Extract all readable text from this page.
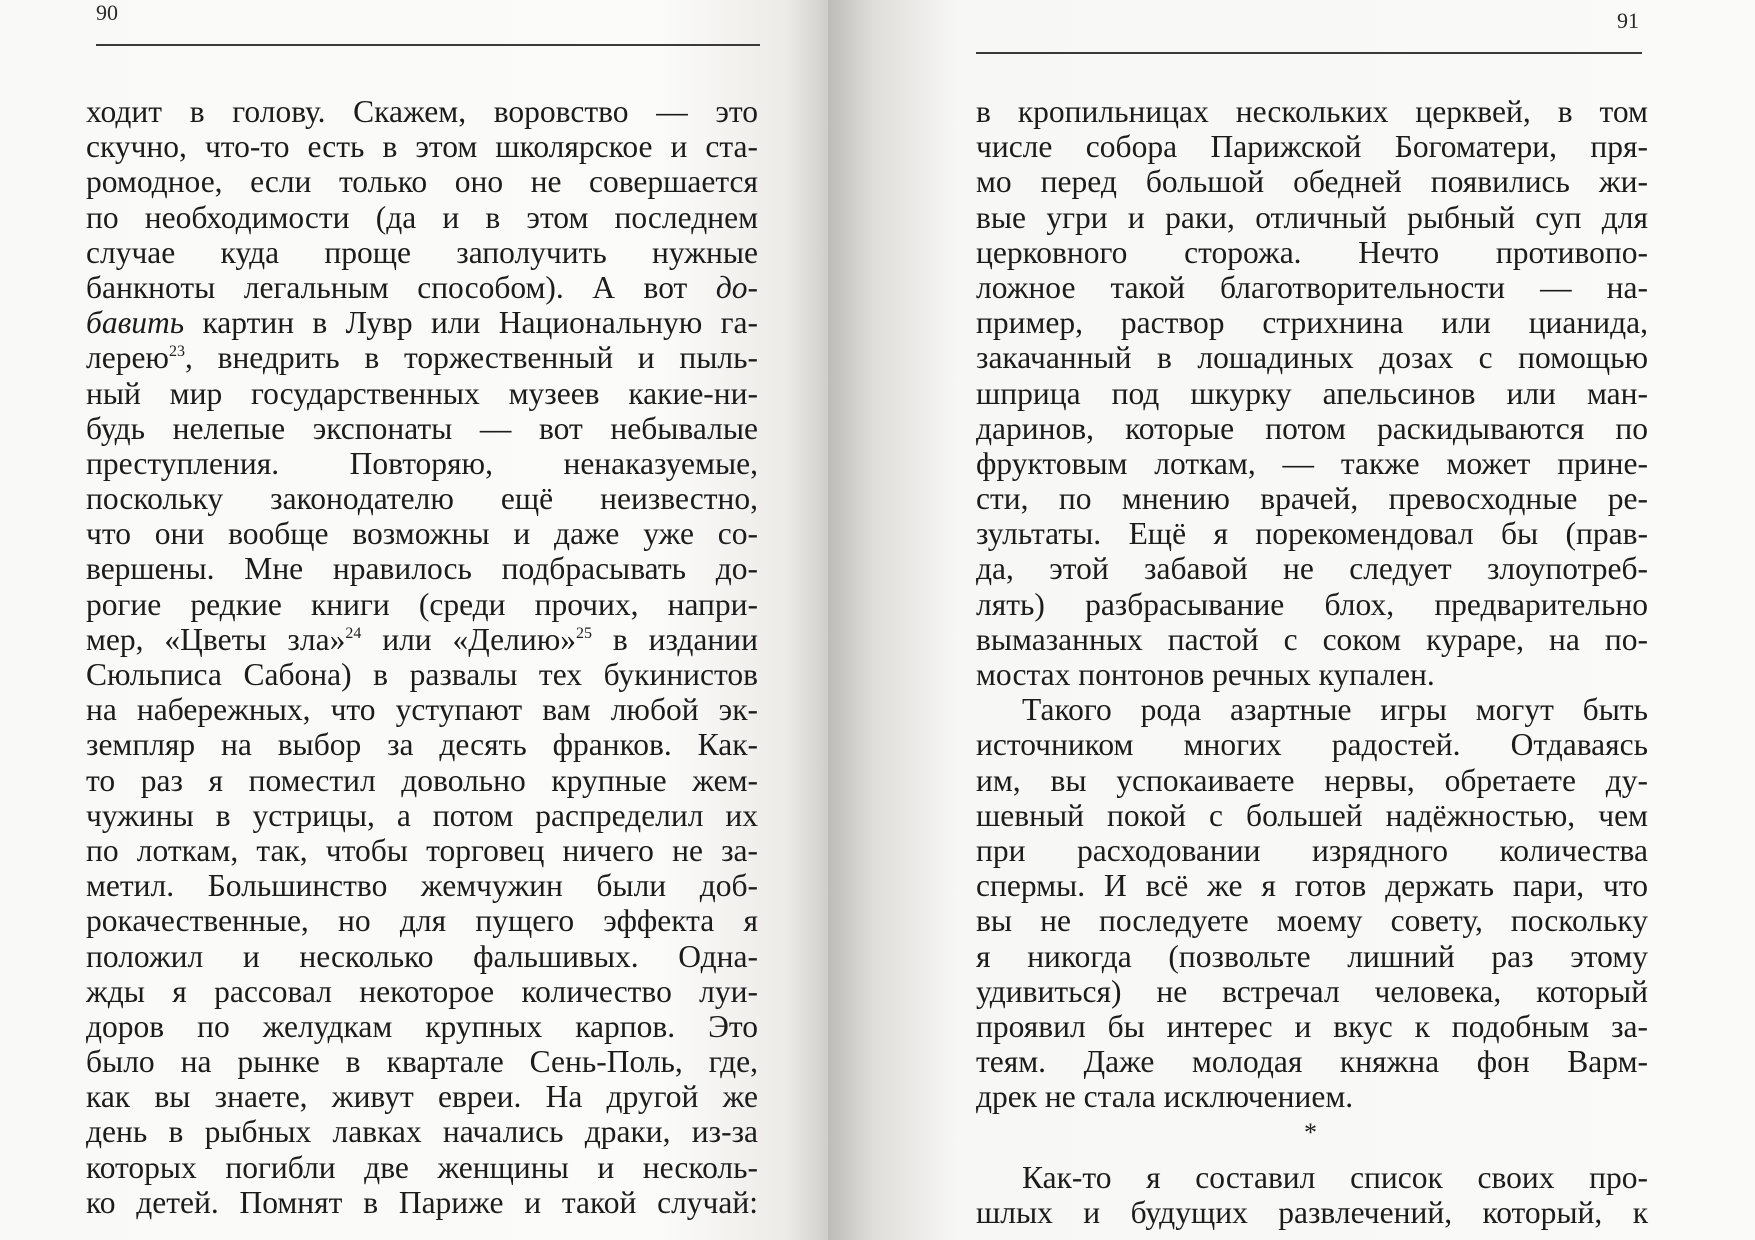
90
ходит в голову. Скажем, воровство — это
скучно, что-то есть в этом школярское и ста-
ромодное, если только оно не совершается
по необходимости (да и в этом последнем
случае куда проще заполучить нужные
банкноты легальным способом). А вот до-
бавить картин в Лувр или Национальную га-
лерею$^{23}$, внедрить в торжественный и пыль-
ный мир государственных музеев какие-ни-
будь нелепые экспонаты — вот небывалые
преступления. Повторяю, ненаказуемые,
поскольку законодателю ещё неизвестно,
что они вообще возможны и даже уже со-
вершены. Мне нравилось подбрасывать до-
рогие редкие книги (среди прочих, напри-
мер, «Цветы зла»$^{24}$ или «Делию»$^{25}$ в издании
Сюльписа Сабона) в развалы тех букинистов
на набережных, что уступают вам любой эк-
земпляр на выбор за десять франков. Как-
то раз я поместил довольно крупные жем-
чужины в устрицы, а потом распределил их
по лоткам, так, чтобы торговец ничего не за-
метил. Большинство жемчужин были доб-
рокачественные, но для пущего эффекта я
положил и несколько фальшивых. Одна-
жды я рассовал некоторое количество луи-
доров по желудкам крупных карпов. Это
было на рынке в квартале Сень-Поль, где,
как вы знаете, живут евреи. На другой же
день в рыбных лавках начались драки, из-за
которых погибли две женщины и несколь-
ко детей. Помнят в Париже и такой случай:
91
в кропильницах нескольких церквей, в том
числе собора Парижской Богоматери, пря-
мо перед большой обедней появились жи-
вые угри и раки, отличный рыбный суп для
церковного сторожа. Нечто противопо-
ложное такой благотворительности — на-
пример, раствор стрихнина или цианида,
закачанный в лошадиных дозах с помощью
шприца под шкурку апельсинов или ман-
даринов, которые потом раскидываются по
фруктовым лоткам, — также может прине-
сти, по мнению врачей, превосходные ре-
зультаты. Ещё я порекомендовал бы (прав-
да, этой забавой не следует злоупотреб-
лять) разбрасывание блох, предварительно
вымазанных пастой с соком кураре, на по-
мостах понтонов речных купален.
Такого рода азартные игры могут быть
источником многих радостей. Отдаваясь
им, вы успокаиваете нервы, обретаете ду-
шевный покой с большей надёжностью, чем
при расходовании изрядного количества
спермы. И всё же я готов держать пари, что
вы не последуете моему совету, поскольку
я никогда (позвольте лишний раз этому
удивиться) не встречал человека, который
проявил бы интерес и вкус к подобным за-
теям. Даже молодая княжна фон Варм-
дрек не стала исключением.
*
Как-то я составил список своих про-
шлых и будущих развлечений, который, к
